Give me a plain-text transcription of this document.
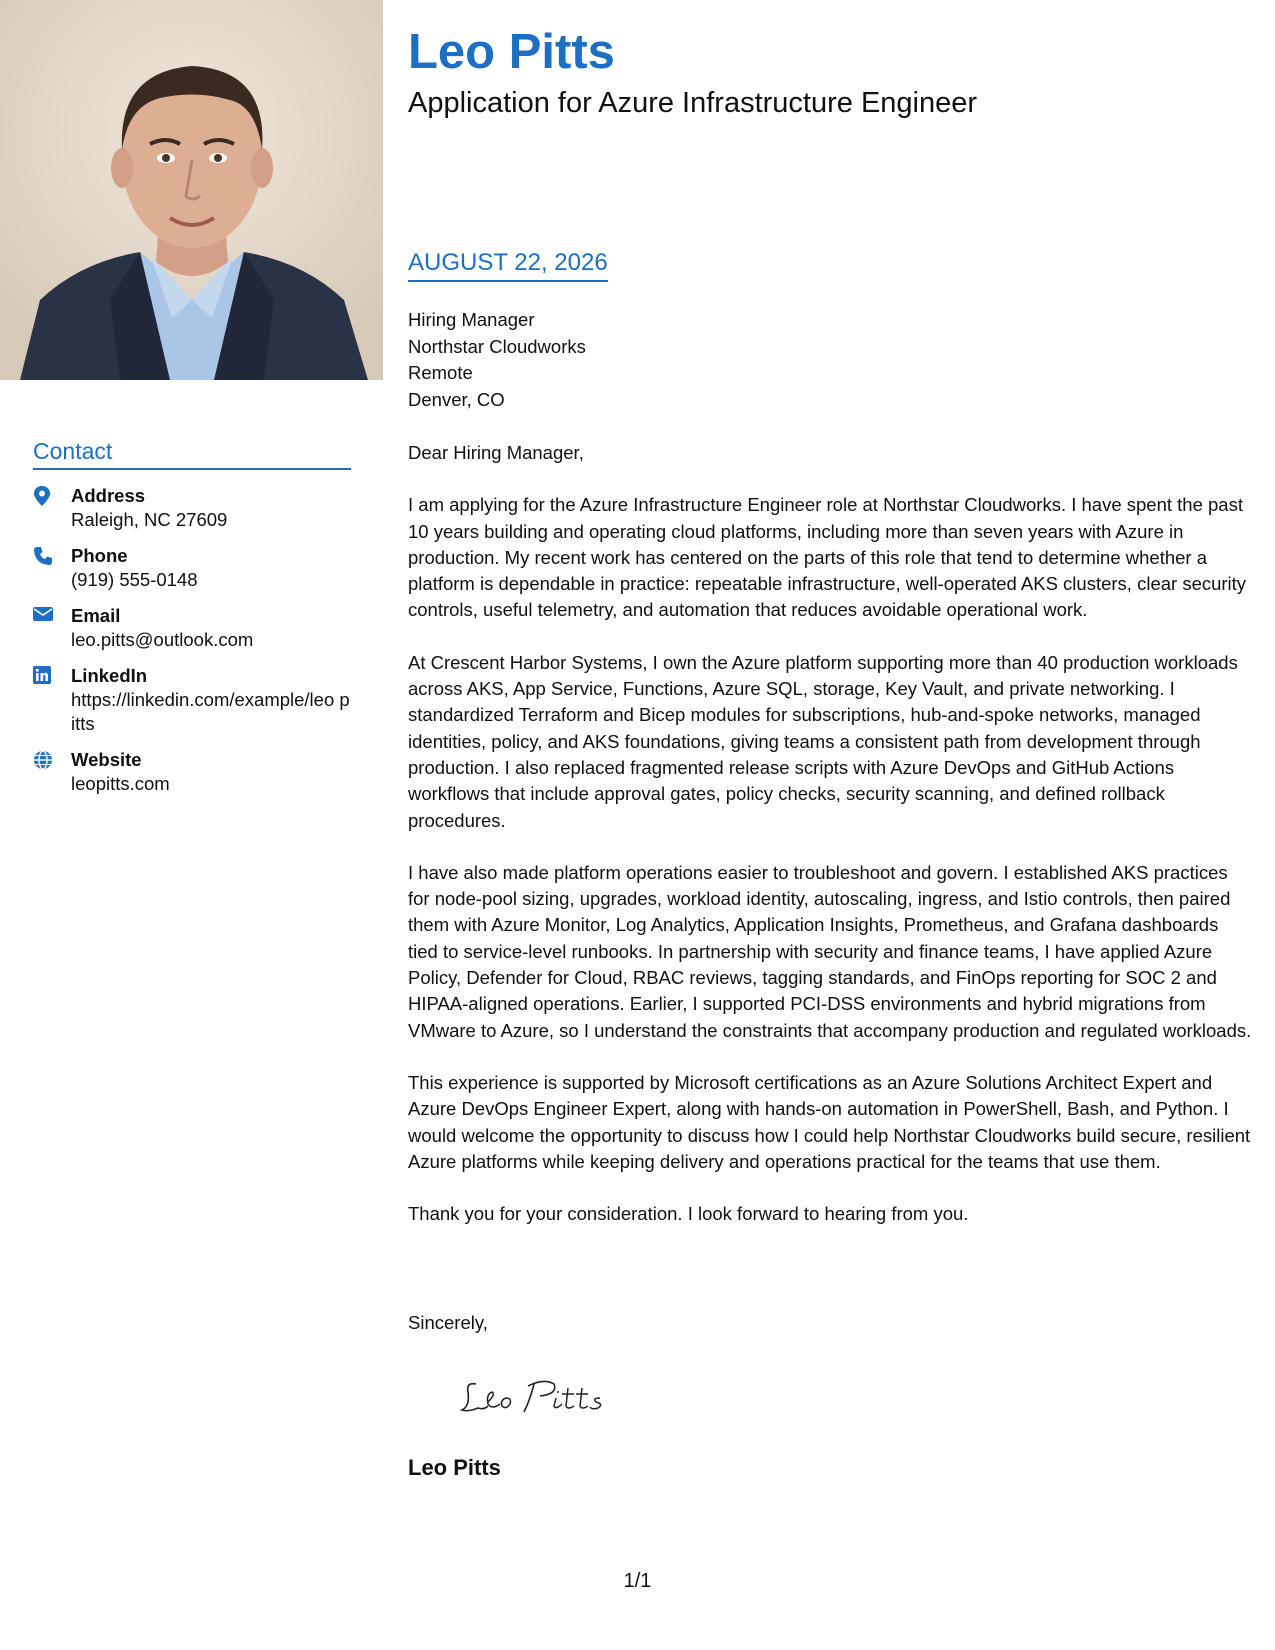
Contact
Address
Raleigh, NC 27609
Phone
(919) 555-0148
Email
leo.pitts@outlook.com
LinkedIn
https://linkedin.com/example/leo pitts
Website
leopitts.com
Leo Pitts
Application for Azure Infrastructure Engineer
AUGUST 22, 2026
Hiring Manager
Northstar Cloudworks
Remote
Denver, CO

Dear Hiring Manager,

I am applying for the Azure Infrastructure Engineer role at Northstar Cloudworks. I have spent the past 10 years building and operating cloud platforms, including more than seven years with Azure in production. My recent work has centered on the parts of this role that tend to determine whether a platform is dependable in practice: repeatable infrastructure, well-operated AKS clusters, clear security controls, useful telemetry, and automation that reduces avoidable operational work.

At Crescent Harbor Systems, I own the Azure platform supporting more than 40 production workloads across AKS, App Service, Functions, Azure SQL, storage, Key Vault, and private networking. I standardized Terraform and Bicep modules for subscriptions, hub-and-spoke networks, managed identities, policy, and AKS foundations, giving teams a consistent path from development through production. I also replaced fragmented release scripts with Azure DevOps and GitHub Actions workflows that include approval gates, policy checks, security scanning, and defined rollback procedures.

I have also made platform operations easier to troubleshoot and govern. I established AKS practices for node-pool sizing, upgrades, workload identity, autoscaling, ingress, and Istio controls, then paired them with Azure Monitor, Log Analytics, Application Insights, Prometheus, and Grafana dashboards tied to service-level runbooks. In partnership with security and finance teams, I have applied Azure Policy, Defender for Cloud, RBAC reviews, tagging standards, and FinOps reporting for SOC 2 and HIPAA-aligned operations. Earlier, I supported PCI-DSS environments and hybrid migrations from VMware to Azure, so I understand the constraints that accompany production and regulated workloads.

This experience is supported by Microsoft certifications as an Azure Solutions Architect Expert and Azure DevOps Engineer Expert, along with hands-on automation in PowerShell, Bash, and Python. I would welcome the opportunity to discuss how I could help Northstar Cloudworks build secure, resilient Azure platforms while keeping delivery and operations practical for the teams that use them.

Thank you for your consideration. I look forward to hearing from you.

Sincerely,
Leo Pitts
1/1
